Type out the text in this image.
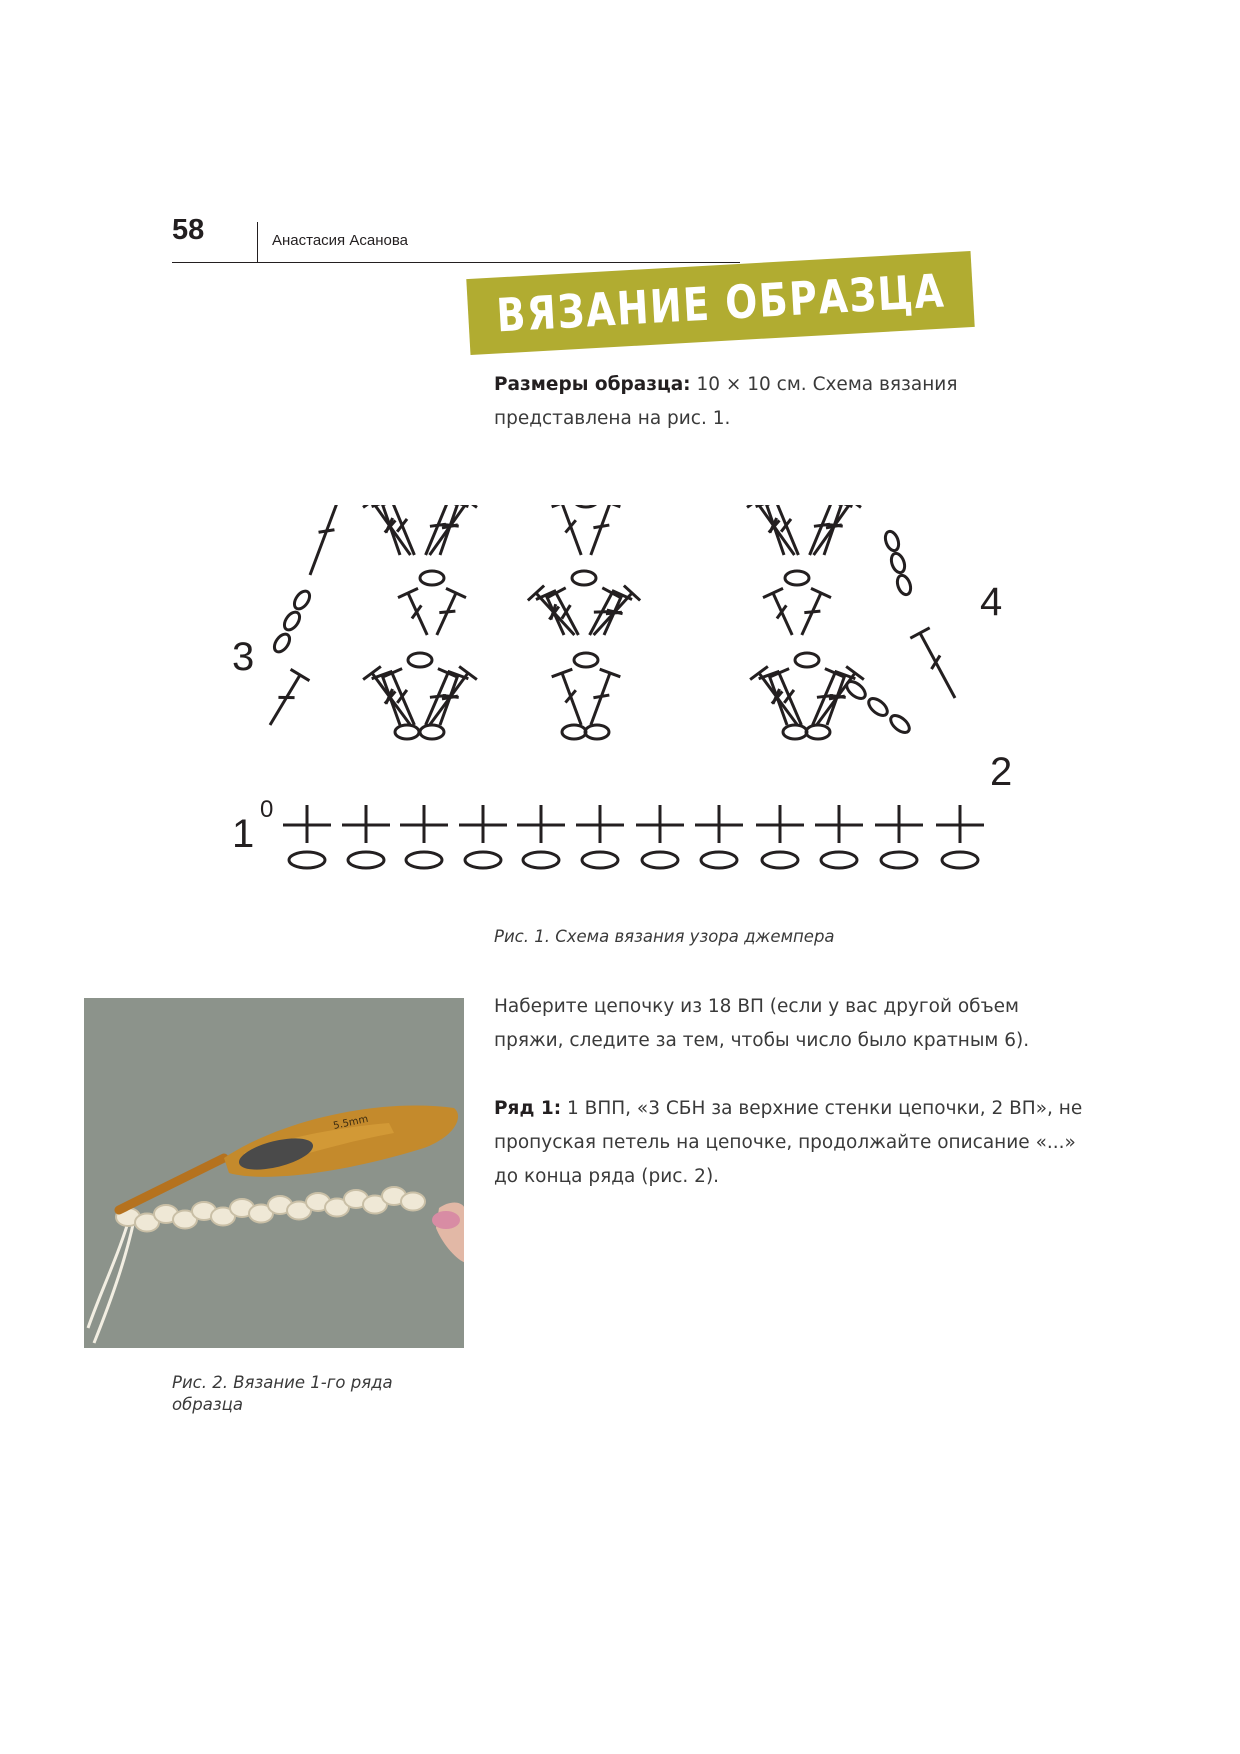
58	Анастасия Асанова
ВЯЗАНИЕ ОБРАЗЦА
Размеры образца: 10 × 10 см. Схема вязания
представлена на рис. 1.
0
1
2
3
4
Рис. 1. Схема вязания узора джемпера
5.5mm
Рис. 2. Вязание 1-го ряда образца

Наберите цепочку из 18 ВП (если у вас другой объем пряжи, следите за тем, чтобы число было кратным 6).

Ряд 1: 1 ВПП, «3 СБН за верхние стенки цепочки, 2 ВП», не пропуская петель на цепочке, продолжайте описание «...» до конца ряда (рис. 2).
